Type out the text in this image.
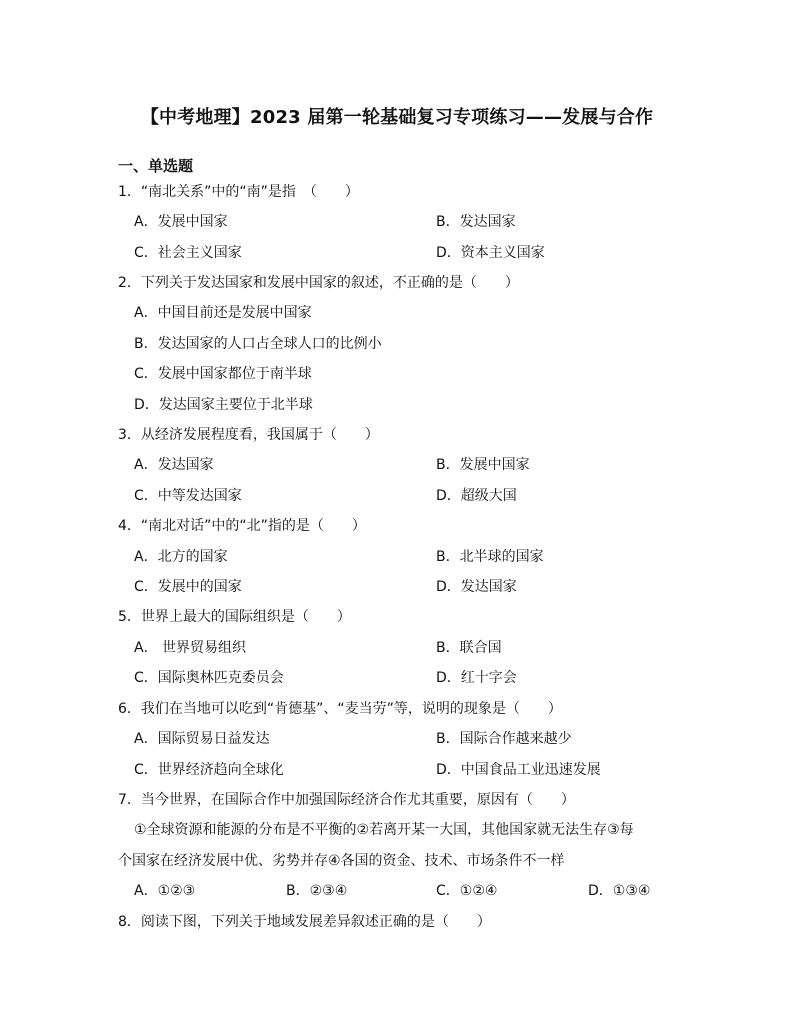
【中考地理】2023 届第一轮基础复习专项练习——发展与合作
一、单选题
1．“南北关系”中的“南”是指　（　　）
A．发展中国家	B．发达国家
C．社会主义国家	D．资本主义国家
2．下列关于发达国家和发展中国家的叙述，不正确的是（　　）
A．中国目前还是发展中国家
B．发达国家的人口占全球人口的比例小
C．发展中国家都位于南半球
D．发达国家主要位于北半球
3．从经济发展程度看，我国属于（　　）
A．发达国家	B．发展中国家
C．中等发达国家	D．超级大国
4．“南北对话”中的“北”指的是（　　）
A．北方的国家	B．北半球的国家
C．发展中的国家	D．发达国家
5．世界上最大的国际组织是（　　）
A． 世界贸易组织	B．联合国
C．国际奥林匹克委员会	D．红十字会
6．我们在当地可以吃到“肯德基”、“麦当劳”等，说明的现象是（　　）
A．国际贸易日益发达	B．国际合作越来越少
C．世界经济趋向全球化	D．中国食品工业迅速发展
7．当今世界，在国际合作中加强国际经济合作尤其重要，原因有（　　）
①全球资源和能源的分布是不平衡的②若离开某一大国，其他国家就无法生存③每
个国家在经济发展中优、劣势并存④各国的资金、技术、市场条件不一样
A．①②③	B．②③④	C．①②④	D．①③④
8．阅读下图，下列关于地域发展差异叙述正确的是（　　）
